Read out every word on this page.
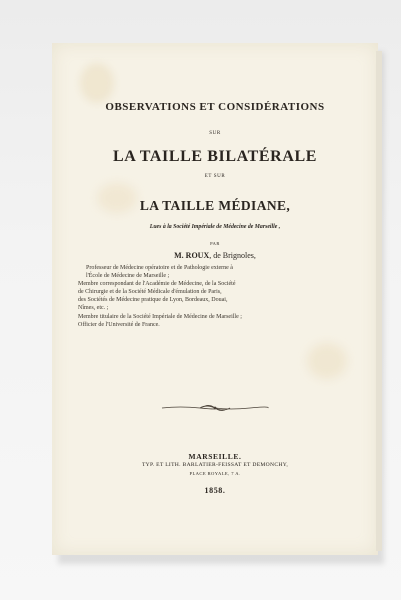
OBSERVATIONS ET CONSIDÉRATIONS
SUR
LA TAILLE BILATÉRALE
ET SUR
LA TAILLE MÉDIANE,
Lues à la Société Impériale de Médecine de Marseille ,
PAR
M. ROUX, de Brignoles,
Professeur de Médecine opératoire et de Pathologie externe à
l'École de Médecine de Marseille ;
Membre correspondant de l'Académie de Médecine, de la Société
de Chirurgie et de la Société Médicale d'émulation de Paris,
des Sociétés de Médecine pratique de Lyon, Bordeaux, Douai,
Nîmes, etc. ;
Membre titulaire de la Société Impériale de Médecine de Marseille ;
Officier de l'Université de France.
MARSEILLE.
TYP. ET LITH. BARLATIER-FEISSAT ET DEMONCHY,
PLACE ROYALE, 7 A.
1858.
